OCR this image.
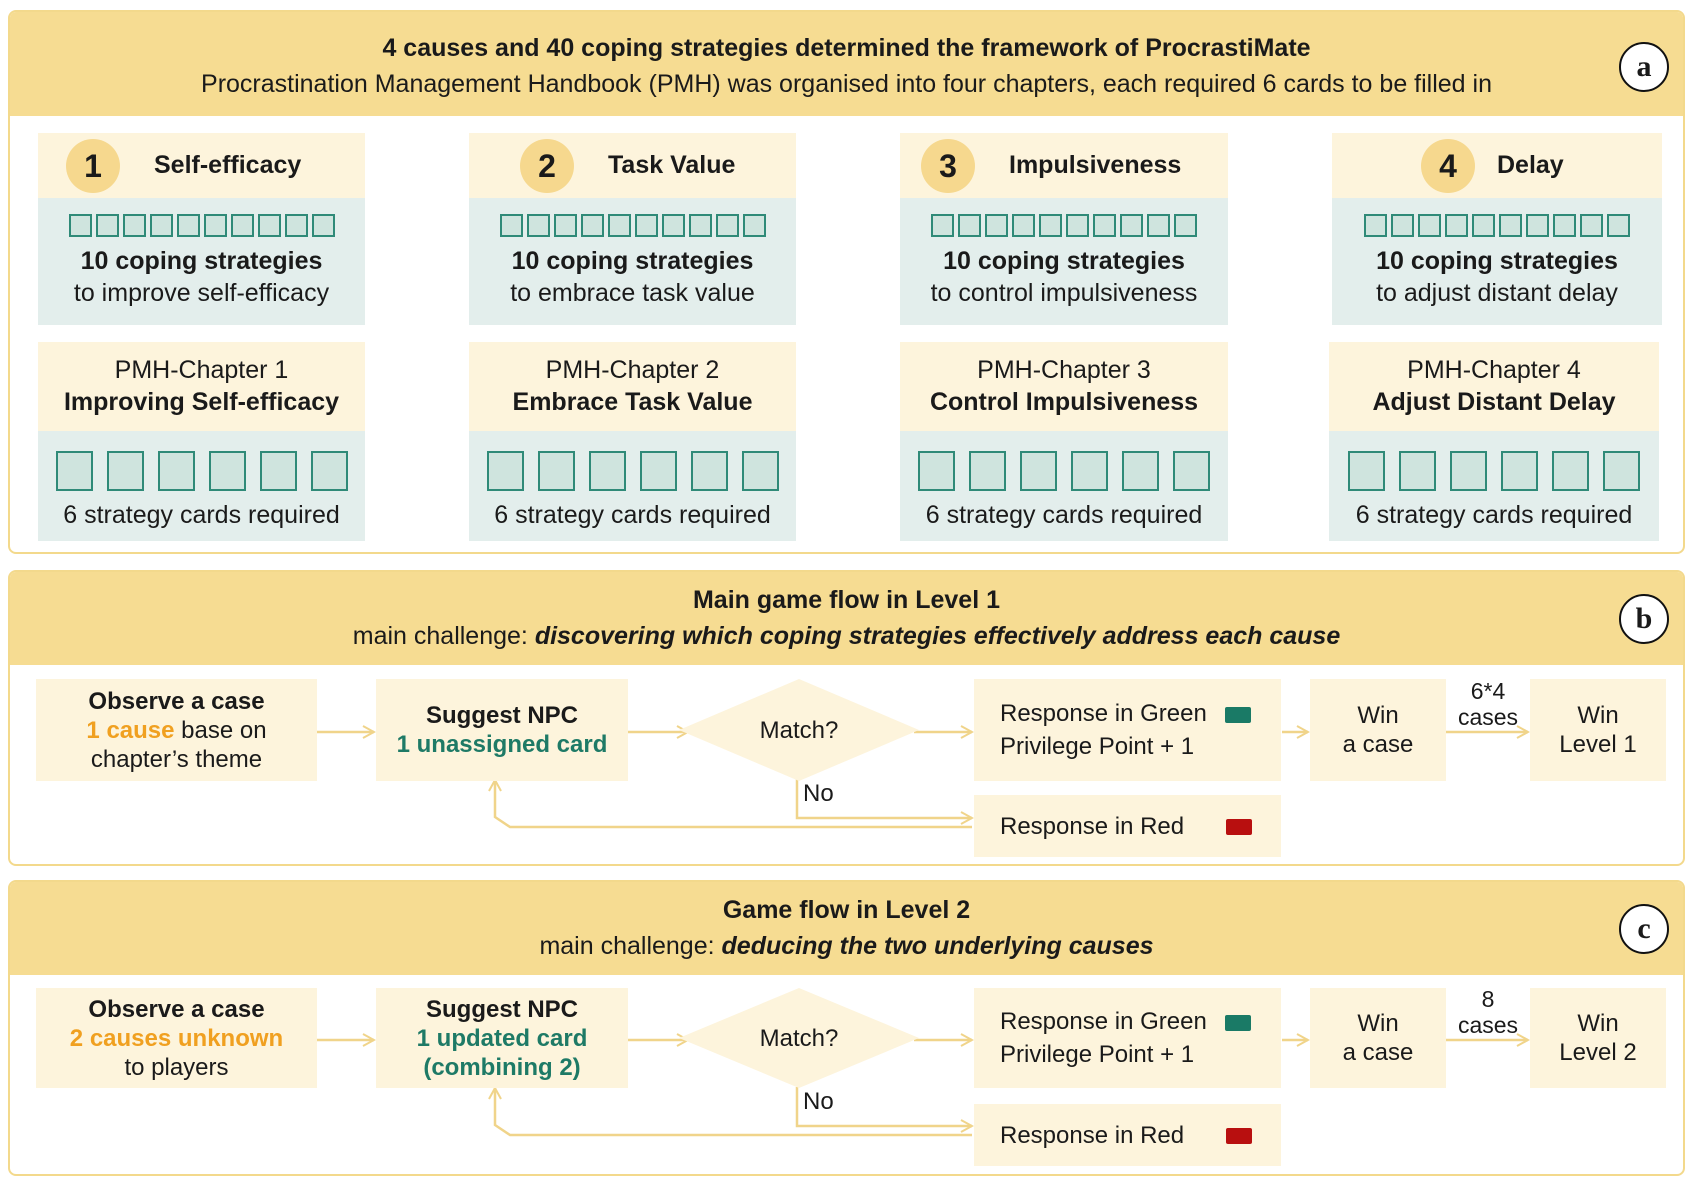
4 causes and 40 coping strategies determined the framework of ProcrastiMate
Procrastination Management Handbook (PMH) was organised into four chapters, each required 6 cards to be filled in
a
1	Self-efficacy
10 coping strategies
to improve self-efficacy
PMH-Chapter 1
Improving Self-efficacy
6 strategy cards required
2	Task Value
10 coping strategies
to embrace task value
PMH-Chapter 2
Embrace Task Value
6 strategy cards required
3	Impulsiveness
10 coping strategies
to control impulsiveness
PMH-Chapter 3
Control Impulsiveness
6 strategy cards required
4	Delay
10 coping strategies
to adjust distant delay
PMH-Chapter 4
Adjust Distant Delay
6 strategy cards required
Main game flow in Level 1
main challenge: discovering which coping strategies effectively address each cause
b
Observe a case
1 cause base on
chapter’s theme
Suggest NPC
1 unassigned card
Match?
No
Response in Green
Privilege Point + 1
Response in Red
Win
a case
6*4
cases	Win
Level 1
Game flow in Level 2
main challenge: deducing the two underlying causes
c
Observe a case
2 causes unknown
to players
Suggest NPC
1 updated card
(combining 2)
Match?
No
Response in Green
Privilege Point + 1
Response in Red
Win
a case
8
cases	Win
Level 2
